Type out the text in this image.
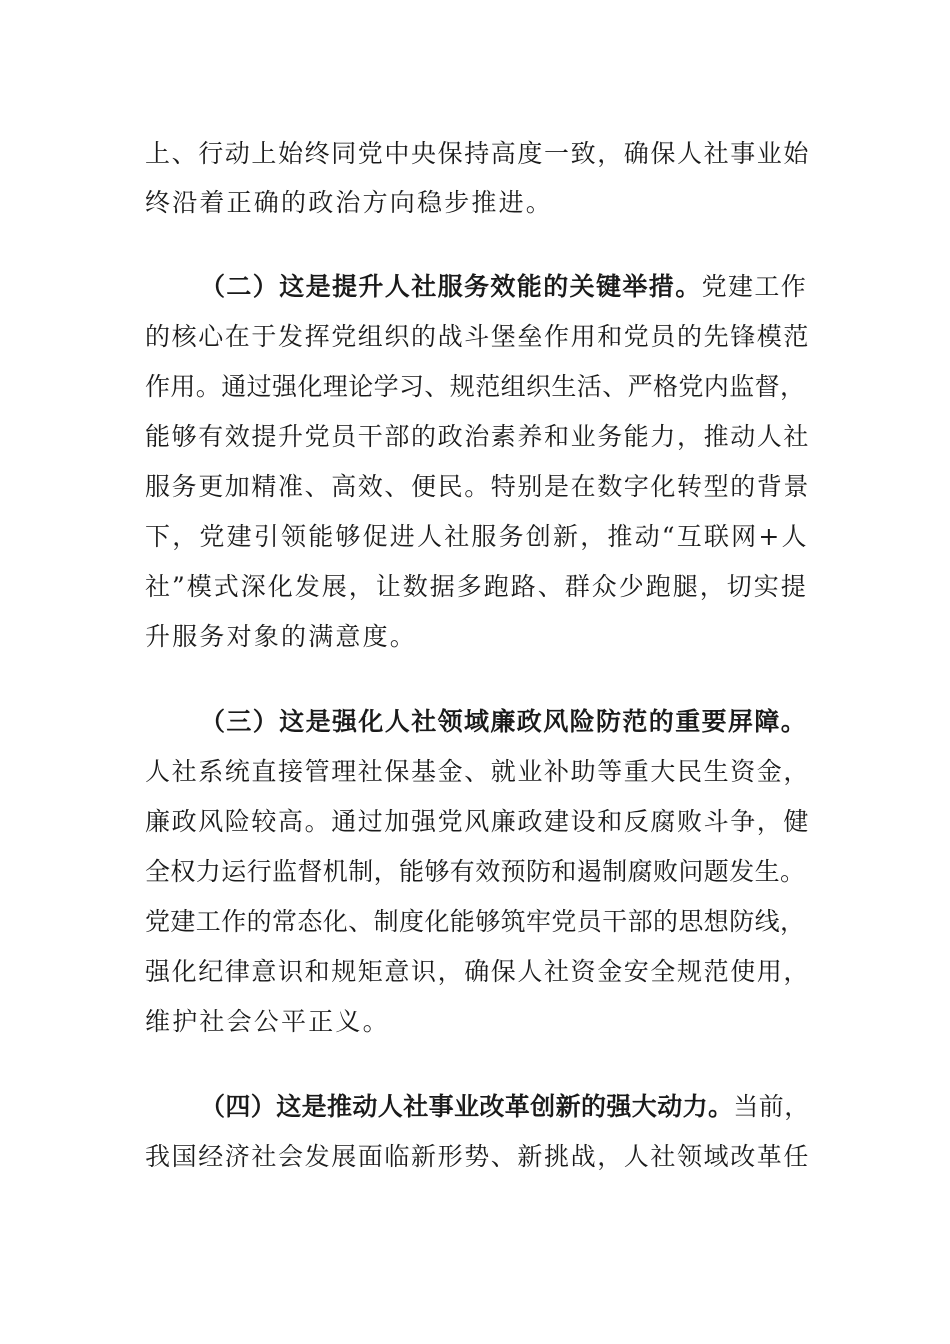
上、行动上始终同党中央保持高度一致，确保人社事业始
终沿着正确的政治方向稳步推进。
（二）这是提升人社服务效能的关键举措。党建工作
的核心在于发挥党组织的战斗堡垒作用和党员的先锋模范
作用。通过强化理论学习、规范组织生活、严格党内监督，
能够有效提升党员干部的政治素养和业务能力，推动人社
服务更加精准、高效、便民。特别是在数字化转型的背景
下，党建引领能够促进人社服务创新，推动“互联网+人
社”模式深化发展，让数据多跑路、群众少跑腿，切实提
升服务对象的满意度。
（三）这是强化人社领域廉政风险防范的重要屏障。
人社系统直接管理社保基金、就业补助等重大民生资金，
廉政风险较高。通过加强党风廉政建设和反腐败斗争，健
全权力运行监督机制，能够有效预防和遏制腐败问题发生。
党建工作的常态化、制度化能够筑牢党员干部的思想防线，
强化纪律意识和规矩意识，确保人社资金安全规范使用，
维护社会公平正义。
（四）这是推动人社事业改革创新的强大动力。当前，
我国经济社会发展面临新形势、新挑战，人社领域改革任
